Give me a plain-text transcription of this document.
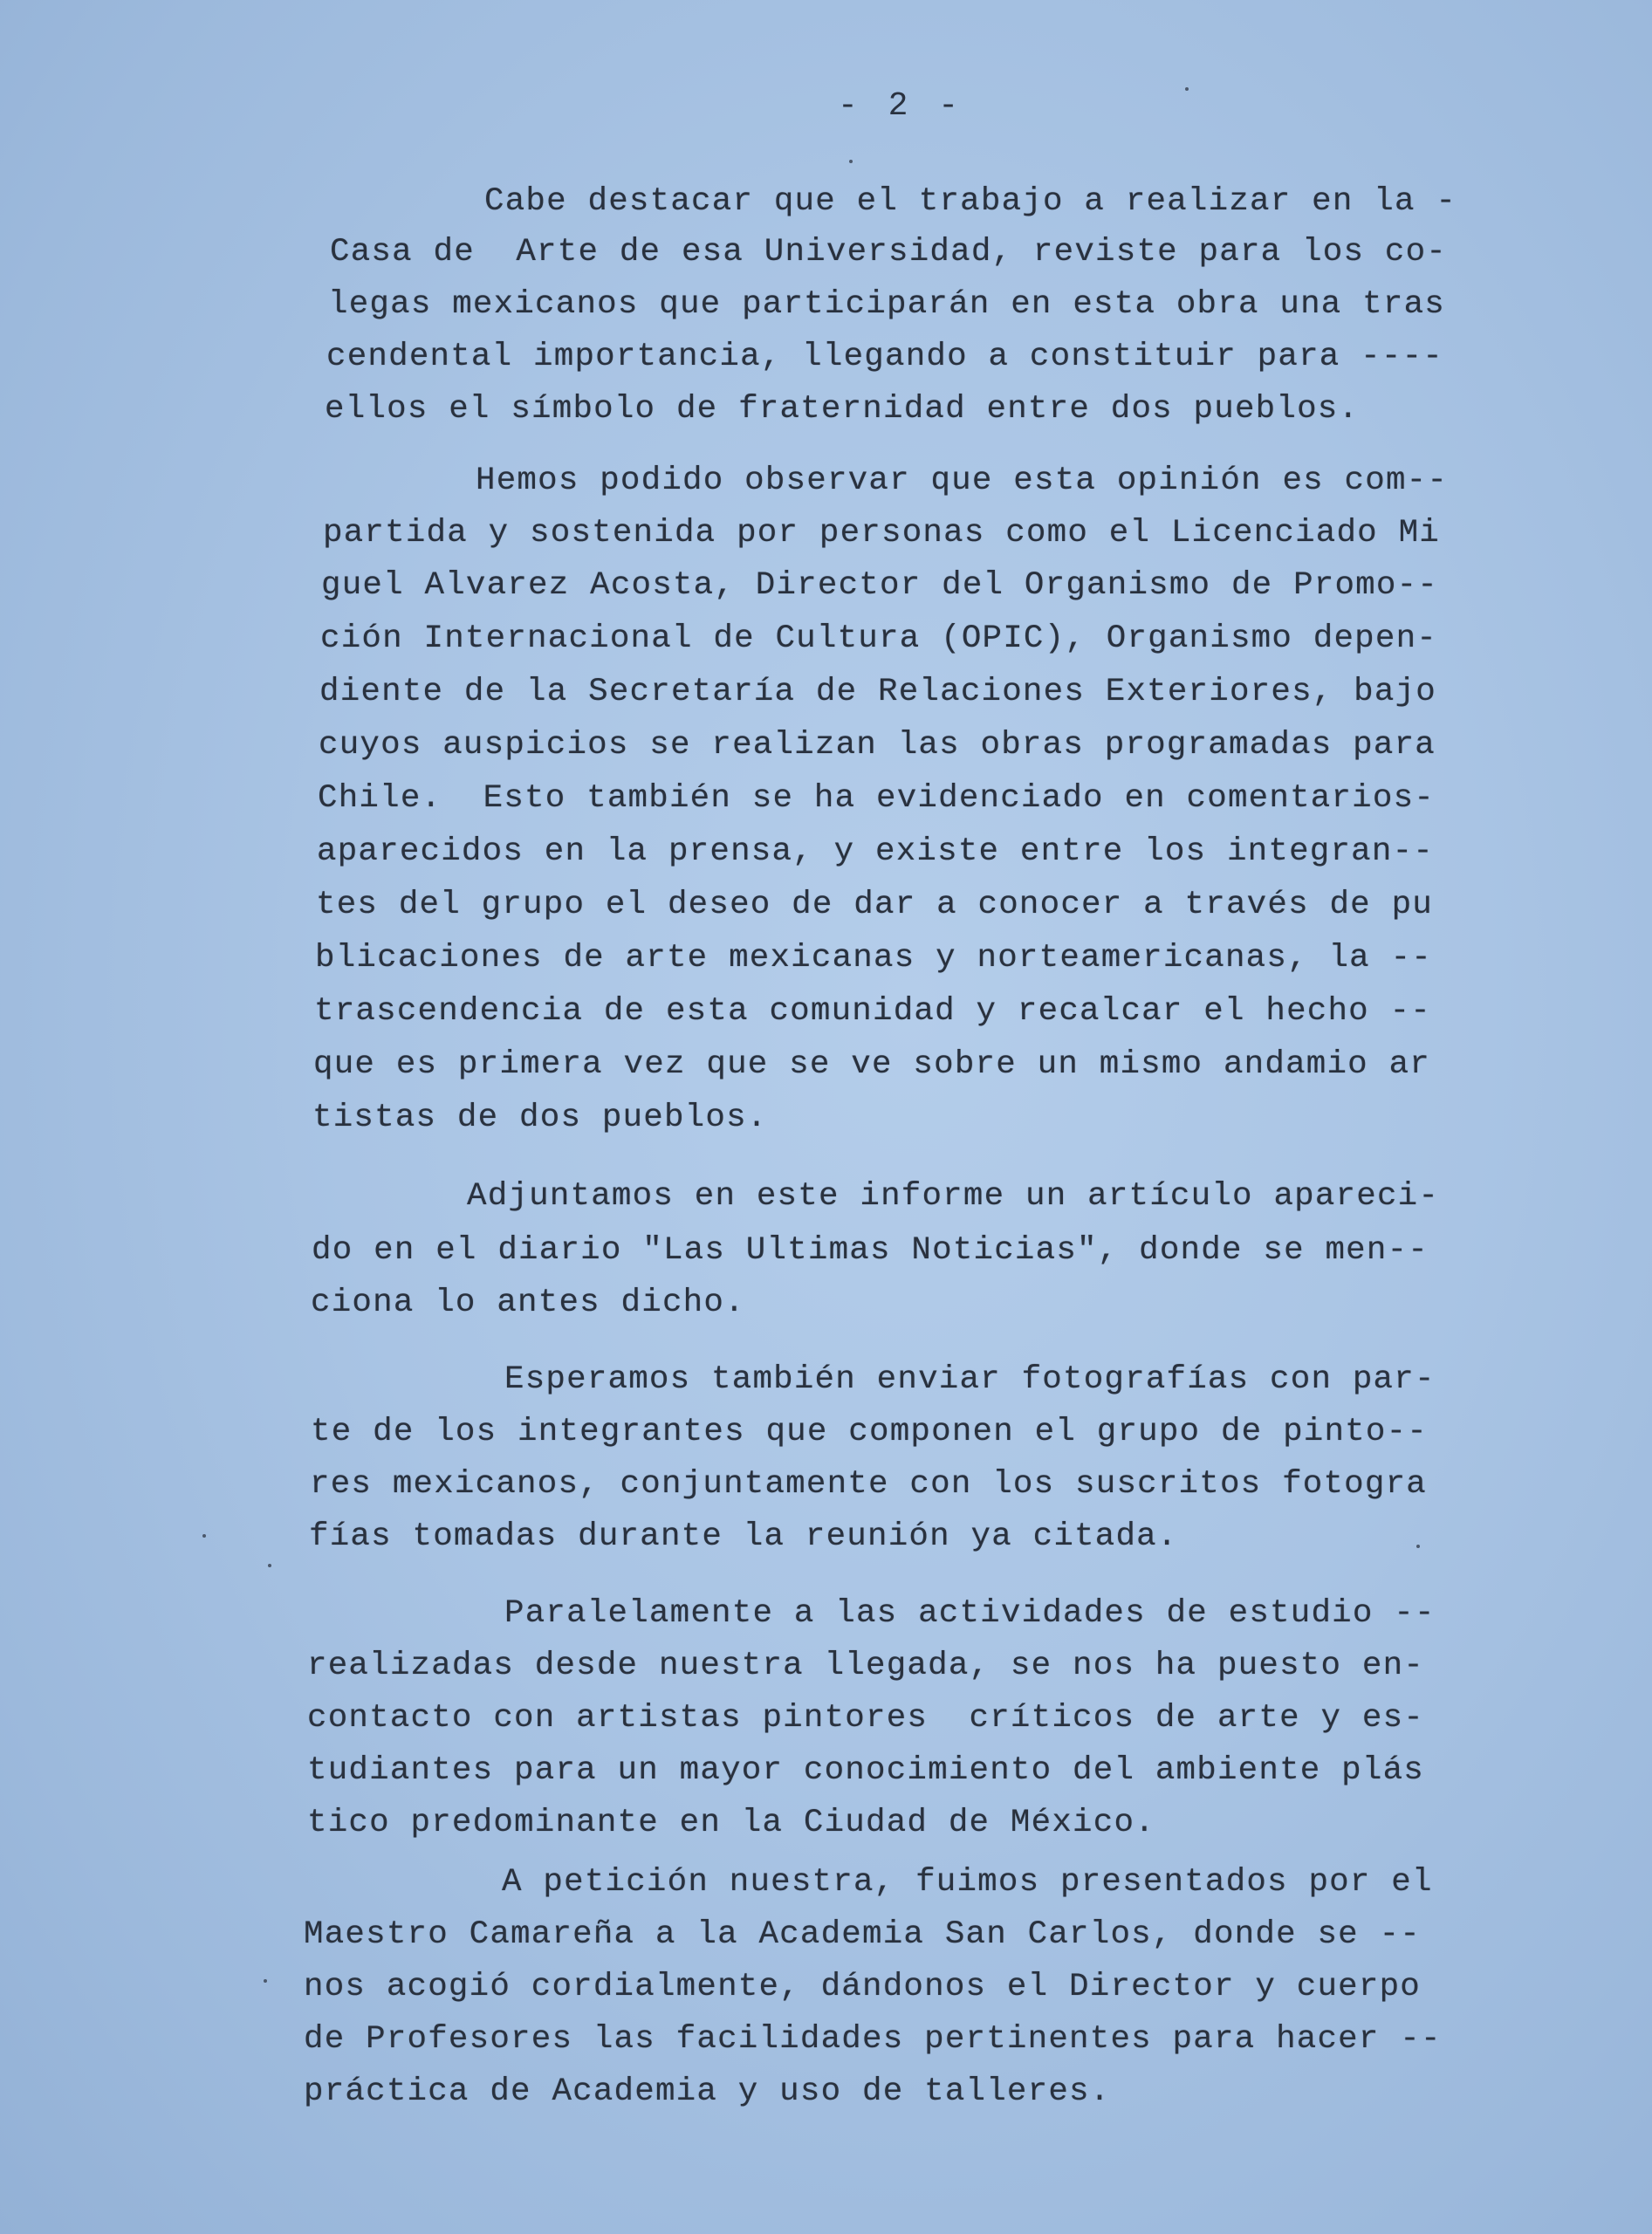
- 2 -
Cabe destacar que el trabajo a realizar en la -
Casa de  Arte de esa Universidad, reviste para los co-
legas mexicanos que participarán en esta obra una tras
cendental importancia, llegando a constituir para ----
ellos el símbolo de fraternidad entre dos pueblos.
Hemos podido observar que esta opinión es com--
partida y sostenida por personas como el Licenciado Mi
guel Alvarez Acosta, Director del Organismo de Promo--
ción Internacional de Cultura (OPIC), Organismo depen-
diente de la Secretaría de Relaciones Exteriores, bajo
cuyos auspicios se realizan las obras programadas para
Chile.  Esto también se ha evidenciado en comentarios-
aparecidos en la prensa, y existe entre los integran--
tes del grupo el deseo de dar a conocer a través de pu
blicaciones de arte mexicanas y norteamericanas, la --
trascendencia de esta comunidad y recalcar el hecho --
que es primera vez que se ve sobre un mismo andamio ar
tistas de dos pueblos.
Adjuntamos en este informe un artículo apareci-
do en el diario "Las Ultimas Noticias", donde se men--
ciona lo antes dicho.
Esperamos también enviar fotografías con par-
te de los integrantes que componen el grupo de pinto--
res mexicanos, conjuntamente con los suscritos fotogra
fías tomadas durante la reunión ya citada.
Paralelamente a las actividades de estudio --
realizadas desde nuestra llegada, se nos ha puesto en-
contacto con artistas pintores  críticos de arte y es-
tudiantes para un mayor conocimiento del ambiente plás
tico predominante en la Ciudad de México.
A petición nuestra, fuimos presentados por el
Maestro Camareña a la Academia San Carlos, donde se --
nos acogió cordialmente, dándonos el Director y cuerpo
de Profesores las facilidades pertinentes para hacer --
práctica de Academia y uso de talleres.
